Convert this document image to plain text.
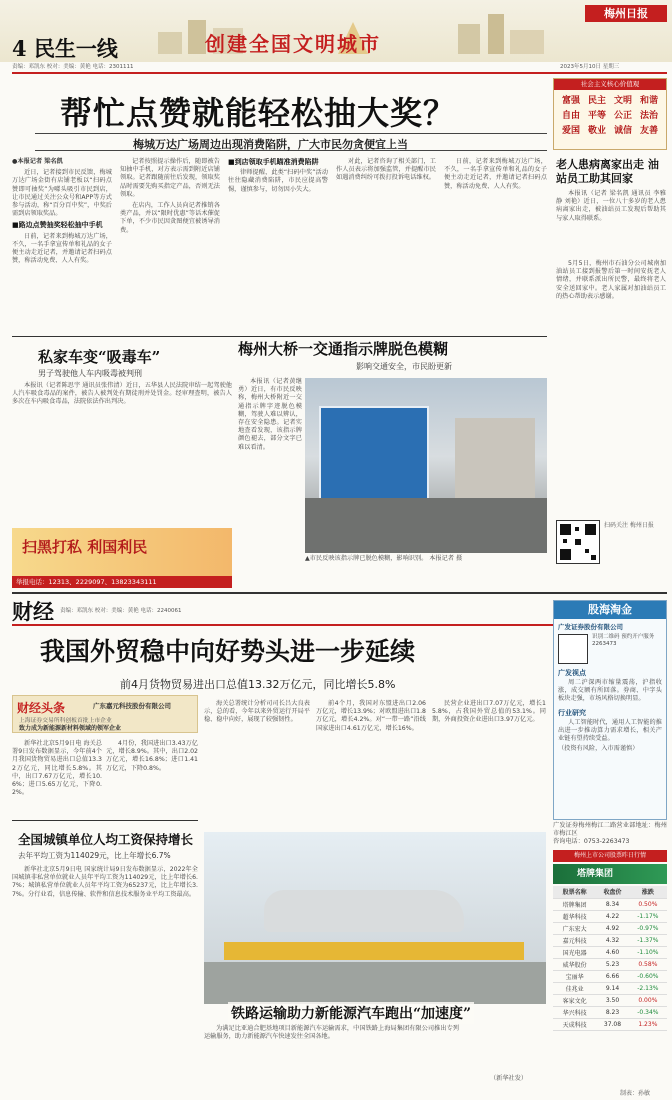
4 民生一线	创建全国文明城市
梅州日报
责编：邓凯东 校对：美编：黄艳 电话：2301111	2023年5月10日 星期三
帮忙点赞就能轻松抽大奖？
梅城万达广场周边出现消费陷阱，广大市民勿贪便宜上当
●本报记者 梁名凯
近日，记者接到市民反馈，梅城万达广场金街有店铺老板以“扫码点赞即可抽奖”为噱头吸引市民到店，让市民通过关注公众号和APP等方式参与活动，称“百分百中奖”，中奖后需到店领取奖品。
■路边点赞抽奖轻松抽中手机
日前，记者来到梅城万达广场，不久，一名手拿宣传单和礼品的女子便主动走近记者，并邀请记者扫码点赞，称活动免费、人人有奖。
记者按照提示操作后，随即被告知抽中手机，对方表示需到附近店铺领取。记者跟随前往后发现，领取奖品时需要先购买指定产品，否则无法领取。
在店内，工作人员向记者推销各类产品，并以“限时优惠”等话术催促下单，不少市民因贪图便宜被诱导消费。
■到店领取手机瞄准消费陷阱
律师提醒，此类“扫码中奖”活动往往隐藏消费陷阱，市民应提高警惕，谨慎参与，切勿因小失大。
对此，记者咨询了相关部门，工作人员表示将加强监管，并提醒市民如遇消费纠纷可拨打投诉电话维权。
日前，记者来到梅城万达广场，不久，一名手拿宣传单和礼品的女子便主动走近记者，并邀请记者扫码点赞，称活动免费、人人有奖。
社会主义核心价值观
富强 民主 文明 和谐
自由 平等 公正 法治
爱国 敬业 诚信 友善
老人患病离家出走 油站员工助其回家
本报讯（记者 梁名凯 通讯员 李雅静 刘艳）近日，一位八十多岁的老人患病离家出走，被油站员工发现后帮助其与家人取得联系。
5月5日，梅州市石油分公司城南加油站员工接到报警后第一时间安抚老人情绪，并联系派出所民警，最终将老人安全送回家中。老人家属对加油站员工的热心帮助表示感谢。
扫码关注 梅州日报
私家车变“吸毒车”
男子驾驶他人车内吸毒被判刑
本报讯（记者陈思宇 通讯员张伟清）近日，五华县人民法院审结一起驾驶他人汽车吸食毒品的案件，被告人被判处有期徒刑并处罚金。经审理查明，被告人多次在车内吸食毒品，法院依法作出判决。
梅州大桥一交通指示牌脱色模糊
影响交通安全，市民盼更新
本报讯（记者黄继勇）近日，有市民反映称，梅州大桥附近一交通指示牌字迹脱色模糊，驾驶人难以辨认，存在安全隐患。记者实地查看发现，该指示牌颜色褪去，部分文字已难以看清。
▲市民反映该指示牌已脱色模糊，影响识别。 本报记者 摄
扫黑打私 利国利民
举报电话：12313、2229097、13823343111
财经 责编：邓凯东 校对：美编：黄艳 电话：2240061
我国外贸稳中向好势头进一步延续
前4月货物贸易进出口总值13.32万亿元，同比增长5.8%
财经头条	广东嘉元科技股份有限公司
上海证券交易所科创板首批上市企业
致力成为新能源新材料领域的领军企业
新华社北京5月9日电 海关总署9日发布数据显示，今年前4个月我国货物贸易进出口总值13.32万亿元，同比增长5.8%。其中，出口7.67万亿元，增长10.6%；进口5.65万亿元，下降0.2%。
4月份，我国进出口3.43万亿元，增长8.9%。其中，出口2.02万亿元，增长16.8%；进口1.41万亿元，下降0.8%。
海关总署统计分析司司长吕大良表示，总的看，今年以来外贸运行开局平稳、稳中向好，展现了较强韧性。
前4个月，我国对东盟进出口2.06万亿元，增长13.9%；对欧盟进出口1.8万亿元，增长4.2%。对“一带一路”沿线国家进出口4.61万亿元，增长16%。
民营企业进出口7.07万亿元，增长15.8%，占我国外贸总值的53.1%。同期，外商投资企业进出口3.97万亿元。
全国城镇单位人均工资保持增长
去年平均工资为114029元，比上年增长6.7%
新华社北京5月9日电 国家统计局9日发布数据显示，2022年全国城镇非私营单位就业人员年平均工资为114029元，比上年增长6.7%；城镇私营单位就业人员年平均工资为65237元，比上年增长3.7%。分行业看，信息传输、软件和信息技术服务业平均工资最高。
铁路运输助力新能源汽车跑出“加速度”
为满足比亚迪合肥基地项目新能源汽车运输需求，中国铁路上海局集团有限公司推出专列运输服务，助力新能源汽车快速发往全国各地。
（新华社发）
股海淘金
广发证券股份有限公司
识别二维码 预约开户服务
2263473
广发视点
周二沪深两市缩量震荡，沪指收涨，成交额有所回落。券商、中字头板块走强，市场风格切换明显。
行业研究
人工智能时代，通用人工智能的推出进一步推动算力需求增长，相关产业链有望持续受益。
（投资有风险，入市需谨慎）
广发证券梅州梅江二路营业部地址：梅州市梅江区
咨询电话：0753-2263473
梅州上市公司股票昨日行情
塔牌集团
股票名称	收盘价	涨跌
塔牌集团	8.34	0.50%
超华科技	4.22	-1.17%
广东宏大	4.92	-0.97%
嘉元科技	4.32	-1.37%
国光电器	4.60	-1.10%
威华股份	5.23	0.58%
宝丽华	6.66	-0.60%
佳兆业	9.14	-2.13%
客家文化	3.50	0.00%
华兴科技	8.23	-0.34%
天成科技	37.08	1.23%
制表：孙敏
